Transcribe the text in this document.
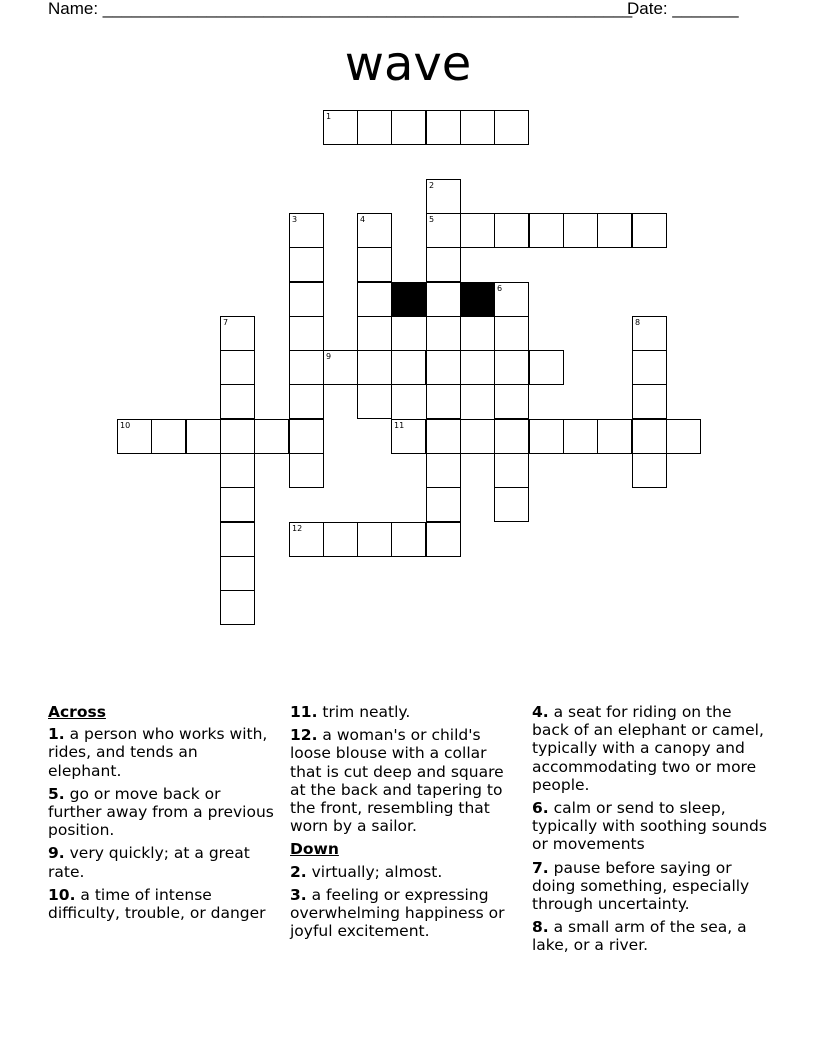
Name: ________________________________________________________
Date: _______
wave
1
2
5
3	4
6
7	8
9
10	11
12
Across
1. a person who works with, rides, and tends an elephant.
5. go or move back or further away from a previous position.
9. very quickly; at a great rate.
10. a time of intense difficulty, trouble, or danger
11. trim neatly.
12. a woman's or child's loose blouse with a collar that is cut deep and square at the back and tapering to the front, resembling that worn by a sailor.
Down
2. virtually; almost.
3. a feeling or expressing overwhelming happiness or joyful excitement.
4. a seat for riding on the back of an elephant or camel, typically with a canopy and accommodating two or more people.
6. calm or send to sleep, typically with soothing sounds or movements
7. pause before saying or doing something, especially through uncertainty.
8. a small arm of the sea, a lake, or a river.
